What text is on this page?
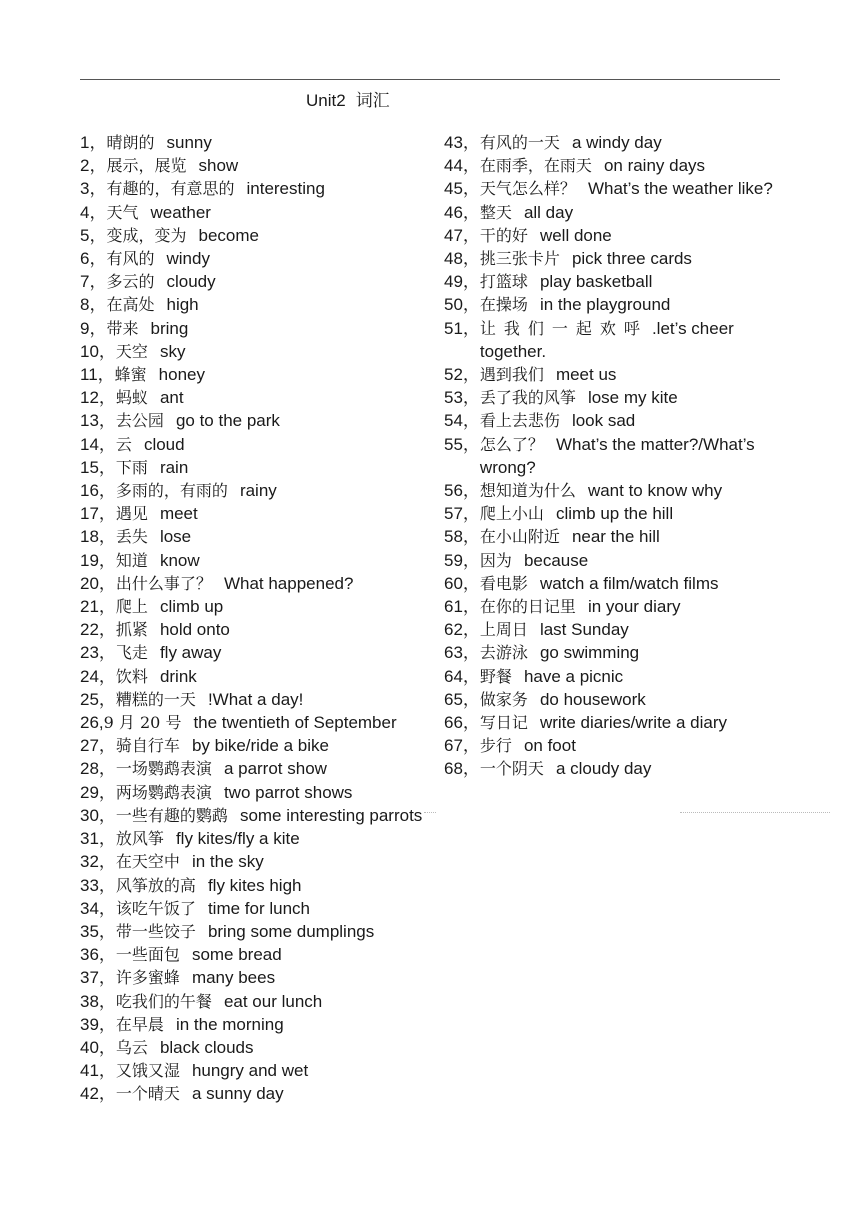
Unit2 词汇
1， 晴朗的 sunny
2， 展示，展览 show
3， 有趣的，有意思的 interesting
4， 天气 weather
5， 变成，变为 become
6， 有风的 windy
7， 多云的 cloudy
8， 在高处 high
9， 带来 bring
10， 天空 sky
11， 蜂蜜 honey
12， 蚂蚁 ant
13， 去公园 go to the park
14， 云 cloud
15， 下雨 rain
16， 多雨的，有雨的 rainy
17， 遇见 meet
18， 丢失 lose
19， 知道 know
20， 出什么事了？ What happened?
21， 爬上 climb up
22， 抓紧 hold onto
23， 飞走 fly away
24， 饮料 drink
25， 糟糕的一天 !What a day!
26, 9 月 20 号 the twentieth of September
27， 骑自行车 by bike/ride a bike
28， 一场鹦鹉表演 a parrot show
29， 两场鹦鹉表演 two parrot shows
30， 一些有趣的鹦鹉 some interesting parrots
31， 放风筝 fly kites/fly a kite
32， 在天空中 in the sky
33， 风筝放的高 fly kites high
34， 该吃午饭了 time for lunch
35， 带一些饺子 bring some dumplings
36， 一些面包 some bread
37， 许多蜜蜂 many bees
38， 吃我们的午餐 eat our lunch
39， 在早晨 in the morning
40， 乌云 black clouds
41， 又饿又湿 hungry and wet
42， 一个晴天 a sunny day
43， 有风的一天 a windy day
44， 在雨季，在雨天 on rainy days
45， 天气怎么样？ What’s the weather like?
46， 整天 all day
47， 干的好 well done
48， 挑三张卡片 pick three cards
49， 打篮球 play basketball
50， 在操场 in the playground
51， 让我们一起欢呼 .let’s cheer together.
52， 遇到我们 meet us
53， 丢了我的风筝 lose my kite
54， 看上去悲伤 look sad
55， 怎么了？ What’s the matter?/What’s wrong?
56， 想知道为什么 want to know why
57， 爬上小山 climb up the hill
58， 在小山附近 near the hill
59， 因为 because
60， 看电影 watch a film/watch films
61， 在你的日记里 in your diary
62， 上周日 last Sunday
63， 去游泳 go swimming
64， 野餐 have a picnic
65， 做家务 do housework
66， 写日记 write diaries/write a diary
67， 步行 on foot
68， 一个阴天 a cloudy day
